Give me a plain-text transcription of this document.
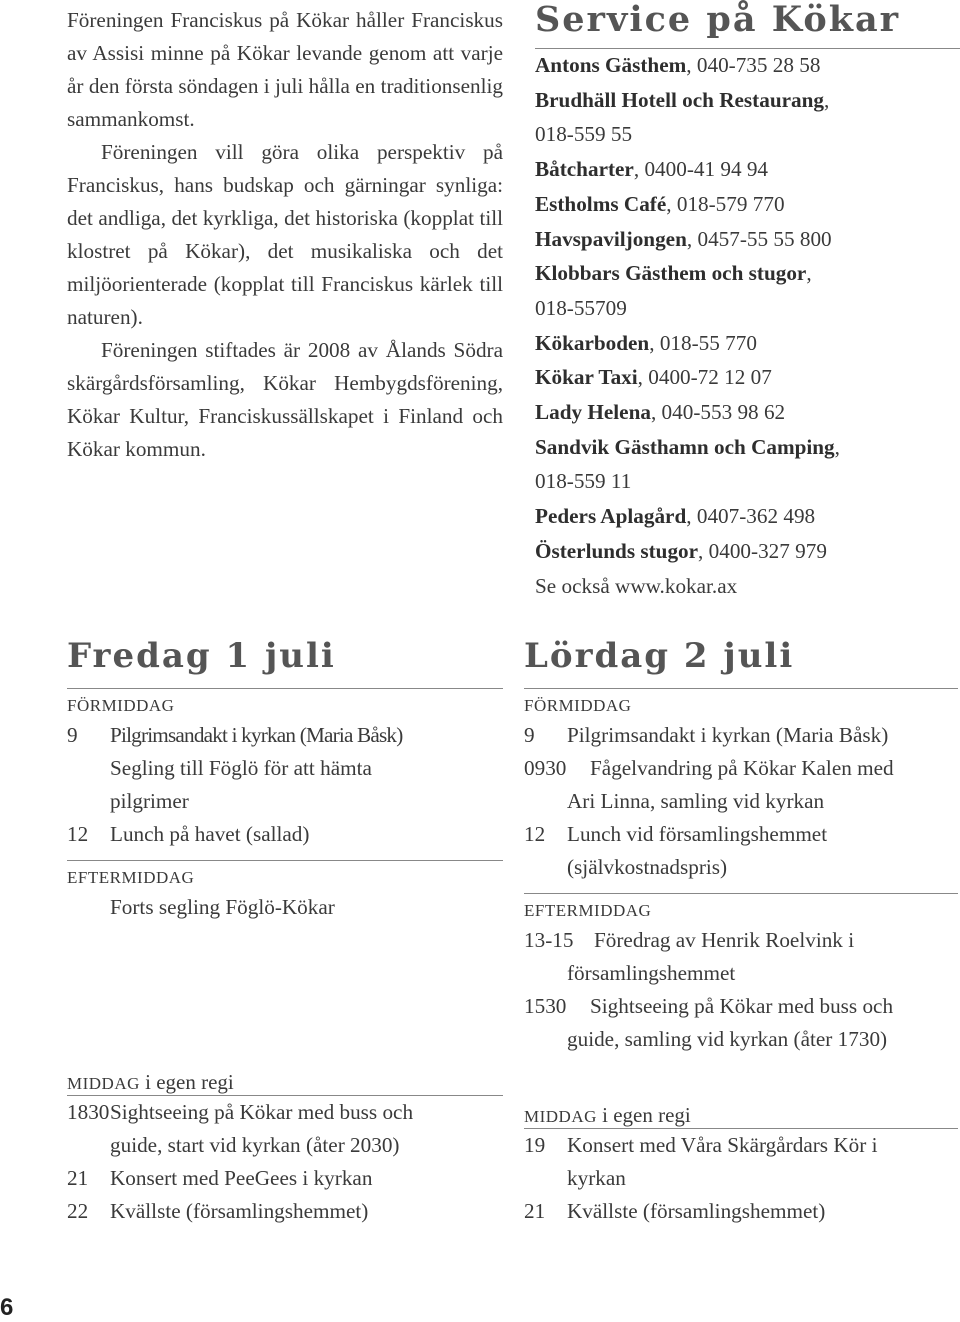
Föreningen Franciskus på Kökar håller Franciskus av Assisi minne på Kökar levande genom att varje år den första söndagen i juli hålla en traditionsenlig sammankomst.

Föreningen vill göra olika perspektiv på Franciskus, hans budskap och gärningar synliga: det andliga, det kyrkliga, det historiska (kopplat till klostret på Kökar), det musikaliska och det miljöorienterade (kopplat till Franciskus kärlek till naturen).

Föreningen stiftades är 2008 av Ålands Södra skärgårdsförsamling, Kökar Hembygdsförening, Kökar Kultur, Franciskussällskapet i Finland och Kökar kommun.

Service på Kökar

Antons Gästhem, 040-735 28 58

Brudhäll Hotell och Restaurang,
018-559 55

Båtcharter, 0400-41 94 94

Estholms Café, 018-579 770

Havspaviljongen, 0457-55 55 800

Klobbars Gästhem och stugor,
018-55709

Kökarboden, 018-55 770

Kökar Taxi, 0400-72 12 07

Lady Helena, 040-553 98 62

Sandvik Gästhamn och Camping,
018-559 11

Peders Aplagård, 0407-362 498

Österlunds stugor, 0400-327 979

Se också www.kokar.ax

Fredag 1 juli
FÖRMIDDAG
9	Pilgrimsandakt i kyrkan (Maria Båsk)
Segling till Föglö för att hämta
pilgrimer
12	Lunch på havet (sallad)
EFTERMIDDAG
Forts segling Föglö-Kökar
MIDDAG i egen regi
1830 Sightseeing på Kökar med buss och
guide, start vid kyrkan (åter 2030)
21	Konsert med PeeGees i kyrkan
22	Kvällste (församlingshemmet)
Lördag 2 juli
FÖRMIDDAG
9	Pilgrimsandakt i kyrkan (Maria Båsk)
0930	Fågelvandring på Kökar Kalen med
Ari Linna, samling vid kyrkan
12	Lunch vid församlingshemmet
(självkostnadspris)
EFTERMIDDAG
13-15 Föredrag av Henrik Roelvink i
församlingshemmet
1530	Sightseeing på Kökar med buss och
guide, samling vid kyrkan (åter 1730)
MIDDAG i egen regi
19	Konsert med Våra Skärgårdars Kör i
kyrkan
21	Kvällste (församlingshemmet)
6
